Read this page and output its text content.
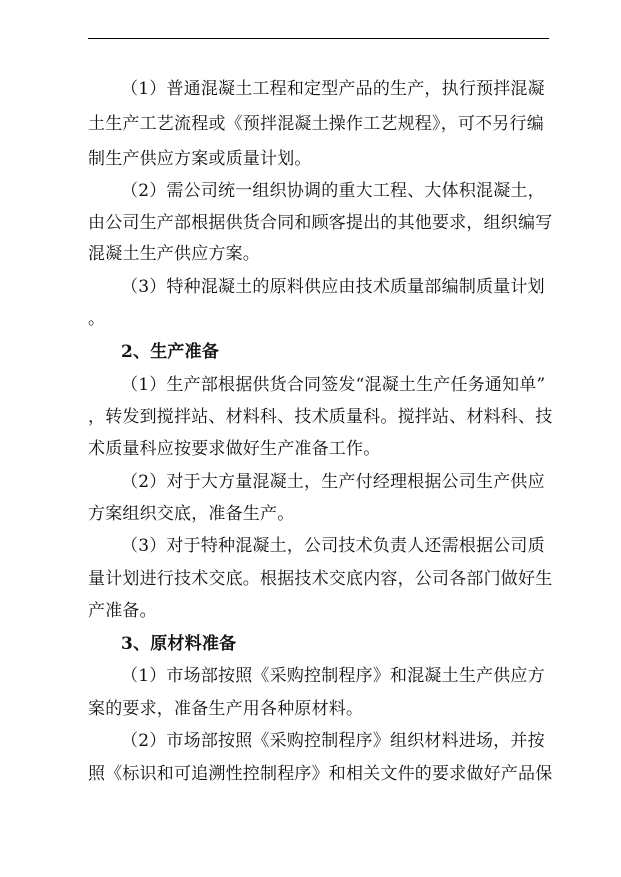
（1）普通混凝土工程和定型产品的生产，执行预拌混凝
土生产工艺流程或《预拌混凝土操作工艺规程》，可不另行编
制生产供应方案或质量计划。
（2）需公司统一组织协调的重大工程、大体积混凝土，
由公司生产部根据供货合同和顾客提出的其他要求，组织编写
混凝土生产供应方案。
（3）特种混凝土的原料供应由技术质量部编制质量计划
。
2、生产准备
（1）生产部根据供货合同签发“混凝土生产任务通知单”
，转发到搅拌站、材料科、技术质量科。搅拌站、材料科、技
术质量科应按要求做好生产准备工作。
（2）对于大方量混凝土，生产付经理根据公司生产供应
方案组织交底，准备生产。
（3）对于特种混凝土，公司技术负责人还需根据公司质
量计划进行技术交底。根据技术交底内容，公司各部门做好生
产准备。
3、原材料准备
（1）市场部按照《采购控制程序》和混凝土生产供应方
案的要求，准备生产用各种原材料。
（2）市场部按照《采购控制程序》组织材料进场，并按
照《标识和可追溯性控制程序》和相关文件的要求做好产品保
